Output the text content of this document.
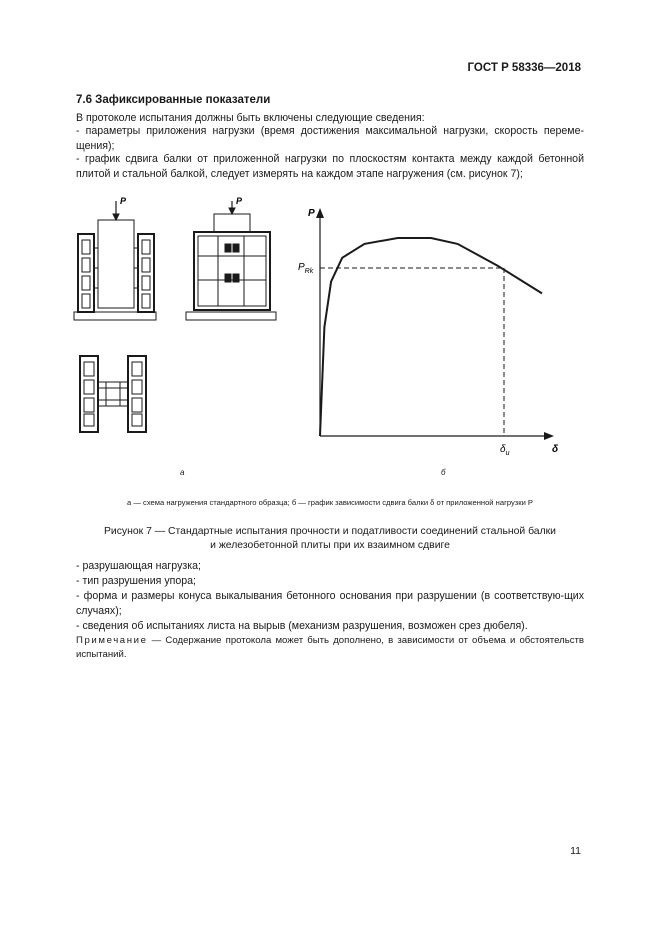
ГОСТ Р 58336—2018
7.6 Зафиксированные показатели
В протоколе испытания должны быть включены следующие сведения:
- параметры приложения нагрузки (время достижения максимальной нагрузки, скорость переме-щения);
- график сдвига балки от приложенной нагрузки по плоскостям контакта между каждой бетонной плитой и стальной балкой, следует измерять на каждом этапе нагружения (см. рисунок 7);
P	P
P
$P_{Rk}$
$\delta_u$	δ
а	б
а — схема нагружения стандартного образца; б — график зависимости сдвига балки δ от приложенной нагрузки P
Рисунок 7 — Стандартные испытания прочности и податливости соединений стальной балки
и железобетонной плиты при их взаимном сдвиге
- разрушающая нагрузка;
- тип разрушения упора;
- форма и размеры конуса выкалывания бетонного основания при разрушении (в соответствую-щих случаях);
- сведения об испытаниях листа на вырыв (механизм разрушения, возможен срез дюбеля).
Примечание — Содержание протокола может быть дополнено, в зависимости от объема и обстоятельств испытаний.
11
